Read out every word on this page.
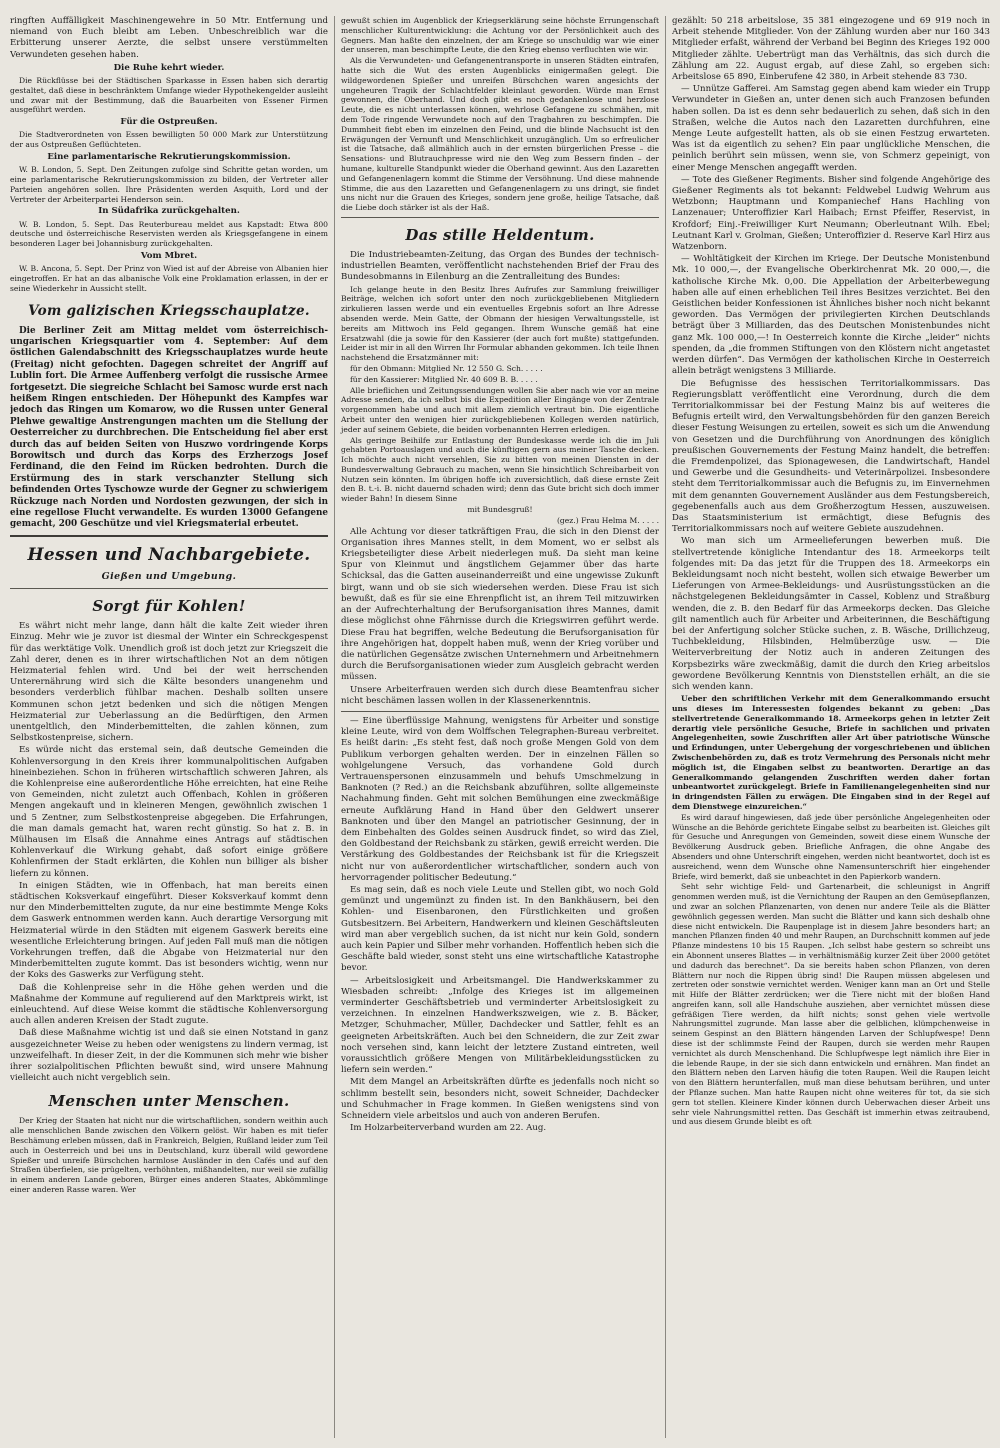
ringften Auffälligkeit Maschinengewehre in 50 Mtr. Entfernung und niemand von Euch bleibt am Leben. Unbeschreiblich war die Erbitterung unserer Aerzte, die selbst unsere verstümmelten Verwundeten gesehen haben.

Die Ruhe kehrt wieder.

Die Rückflüsse bei der Städtischen Sparkasse in Essen haben sich derartig gestaltet, daß diese in beschränktem Umfange wieder Hypothekengelder ausleiht und zwar mit der Bestimmung, daß die Bauarbeiten von Essener Firmen ausgeführt werden.

Für die Ostpreußen.

Die Stadtverordneten von Essen bewilligten 50 000 Mark zur Unterstützung der aus Ostpreußen Geflüchteten.

Eine parlamentarische Rekrutierungskommission.

W. B. London, 5. Sept. Den Zeitungen zufolge sind Schritte getan worden, um eine parlamentarische Rekrutierungskommission zu bilden, der Vertreter aller Parteien angehören sollen. Ihre Präsidenten werden Asquith, Lord und der Vertreter der Arbeiterpartei Henderson sein.

In Südafrika zurückgehalten.

W. B. London, 5. Sept. Das Reuterbureau meldet aus Kapstadt: Etwa 800 deutsche und österreichische Reservisten werden als Kriegsgefangene in einem besonderen Lager bei Johannisburg zurückgehalten.

Vom Mbret.

W. B. Ancona, 5. Sept. Der Prinz von Wied ist auf der Abreise von Albanien hier eingetroffen. Er hat an das albanische Volk eine Proklamation erlassen, in der er seine Wiederkehr in Aussicht stellt.

Vom galizischen Kriegsschauplatze.

Die Berliner Zeit am Mittag meldet vom österreichisch-ungarischen Kriegsquartier vom 4. September: Auf dem östlichen Galendabschnitt des Kriegsschauplatzes wurde heute (Freitag) nicht gefochten. Dagegen schreitet der Angriff auf Lublin fort. Die Armee Auffenberg verfolgt die russische Armee fortgesetzt. Die siegreiche Schlacht bei Samosc wurde erst nach heißem Ringen entschieden. Der Höhepunkt des Kampfes war jedoch das Ringen um Komarow, wo die Russen unter General Plehwe gewaltige Anstrengungen machten um die Stellung der Oesterreicher zu durchbrechen. Die Entscheidung fiel aber erst durch das auf beiden Seiten von Huszwo vordringende Korps Borowitsch und durch das Korps des Erzherzogs Josef Ferdinand, die den Feind im Rücken bedrohten. Durch die Erstürmung des in stark verschanzter Stellung sich befindenden Ortes Tyschowze wurde der Gegner zu schwierigem Rückzuge nach Norden und Nordosten gezwungen, der sich in eine regellose Flucht verwandelte. Es wurden 13000 Gefangene gemacht, 200 Geschütze und viel Kriegsmaterial erbeutet.

Hessen und Nachbargebiete.
Gießen und Umgebung.
Sorgt für Kohlen!

Es währt nicht mehr lange, dann hält die kalte Zeit wieder ihren Einzug. Mehr wie je zuvor ist diesmal der Winter ein Schreckgespenst für das werktätige Volk. Unendlich groß ist doch jetzt zur Kriegszeit die Zahl derer, denen es in ihrer wirtschaftlichen Not an dem nötigen Heizmaterial fehlen wird. Und bei der weit herrschenden Unterernährung wird sich die Kälte besonders unangenehm und besonders verderblich fühlbar machen. Deshalb sollten unsere Kommunen schon jetzt bedenken und sich die nötigen Mengen Heizmaterial zur Ueberlassung an die Bedürftigen, den Armen unentgeltlich, den Minderbemittelten, die zahlen können, zum Selbstkostenpreise, sichern.

Es würde nicht das erstemal sein, daß deutsche Gemeinden die Kohlenversorgung in den Kreis ihrer kommunalpolitischen Aufgaben hineinbeziehen. Schon in früheren wirtschaftlich schweren Jahren, als die Kohlenpreise eine außerordentliche Höhe erreichten, hat eine Reihe von Gemeinden, nicht zuletzt auch Offenbach, Kohlen in größeren Mengen angekauft und in kleineren Mengen, gewöhnlich zwischen 1 und 5 Zentner, zum Selbstkostenpreise abgegeben. Die Erfahrungen, die man damals gemacht hat, waren recht günstig. So hat z. B. in Mülhausen im Elsaß die Annahme eines Antrags auf städtischen Kohlenverkauf die Wirkung gehabt, daß sofort einige größere Kohlenfirmen der Stadt erklärten, die Kohlen nun billiger als bisher liefern zu können.

In einigen Städten, wie in Offenbach, hat man bereits einen städtischen Koksverkauf eingeführt. Dieser Koksverkauf kommt denn nur den Minderbemittelten zugute, da nur eine bestimmte Menge Koks dem Gaswerk entnommen werden kann. Auch derartige Versorgung mit Heizmaterial würde in den Städten mit eigenem Gaswerk bereits eine wesentliche Erleichterung bringen. Auf jeden Fall muß man die nötigen Vorkehrungen treffen, daß die Abgabe von Heizmaterial nur den Minderbemittelten zugute kommt. Das ist besonders wichtig, wenn nur der Koks des Gaswerks zur Verfügung steht.

Daß die Kohlenpreise sehr in die Höhe gehen werden und die Maßnahme der Kommune auf regulierend auf den Marktpreis wirkt, ist einleuchtend. Auf diese Weise kommt die städtische Kohlenversorgung auch allen anderen Kreisen der Stadt zugute.

Daß diese Maßnahme wichtig ist und daß sie einen Notstand in ganz ausgezeichneter Weise zu heben oder wenigstens zu lindern vermag, ist unzweifelhaft. In dieser Zeit, in der die Kommunen sich mehr wie bisher ihrer sozialpolitischen Pflichten bewußt sind, wird unsere Mahnung vielleicht auch nicht vergeblich sein.

Menschen unter Menschen.

Der Krieg der Staaten hat nicht nur die wirtschaftlichen, sondern weithin auch alle menschlichen Bande zwischen den Völkern gelöst. Wir haben es mit tiefer Beschämung erleben müssen, daß in Frankreich, Belgien, Rußland leider zum Teil auch in Oesterreich und bei uns in Deutschland, kurz überall wild gewordene Spießer und unreife Bürschchen harmlose Ausländer in den Cafés und auf den Straßen überfielen, sie prügelten, verhöhnten, mißhandelten, nur weil sie zufällig in einem anderen Lande geboren, Bürger eines anderen Staates, Abkömmlinge einer anderen Rasse waren. Wer

gewußt schien im Augenblick der Kriegserklärung seine höchste Errungenschaft menschlicher Kulturentwicklung: die Achtung vor der Persönlichkeit auch des Gegners. Man haßte den einzelnen, der am Kriege so unschuldig war wie einer der unseren, man beschimpfte Leute, die den Krieg ebenso verfluchten wie wir.

Als die Verwundeten- und Gefangenentransporte in unseren Städten eintrafen, hatte sich die Wut des ersten Augenblicks einigermaßen gelegt. Die wildgewordenen Spießer und unreifen Bürschchen waren angesichts der ungeheuren Tragik der Schlachtfelder kleinlaut geworden. Würde man Ernst gewonnen, die Oberhand. Und doch gibt es noch gedankenlose und herzlose Leute, die es nicht unterlassen können, wehrlose Gefangene zu schmähen, mit dem Tode ringende Verwundete noch auf den Tragbahren zu beschimpfen. Die Dummheit fiebt eben im einzelnen den Feind, und die blinde Nachsucht ist den Erwägungen der Vernunft und Menschlichkeit unzugänglich. Um so erfreulicher ist die Tatsache, daß allmählich auch in der ernsten bürgerlichen Presse – die Sensations- und Blutrauchpresse wird nie den Weg zum Bessern finden – der humane, kulturelle Standpunkt wieder die Oberhand gewinnt. Aus den Lazaretten und Gefangenenlagern kommt die Stimme der Versöhnung. Und diese mahnende Stimme, die aus den Lazaretten und Gefangenenlagern zu uns dringt, sie findet uns nicht nur die Grauen des Krieges, sondern jene große, heilige Tatsache, daß die Liebe doch stärker ist als der Haß.

Das stille Heldentum.

Die Industriebeamten-Zeitung, das Organ des Bundes der technisch-industriellen Beamten, veröffentlicht nachstehenden Brief der Frau des Bundesobmanns in Eilenburg an die Zentralleitung des Bundes:

Ich gelange heute in den Besitz Ihres Aufrufes zur Sammlung freiwilliger Beiträge, welchen ich sofort unter den noch zurückgebliebenen Mitgliedern zirkulieren lassen werde und ein eventuelles Ergebnis sofort an Ihre Adresse absenden werde. Mein Gatte, der Obmann der hiesigen Verwaltungsstelle, ist bereits am Mittwoch ins Feld gegangen. Ihrem Wunsche gemäß hat eine Ersatzwahl (die ja sowie für den Kassierer (der auch fort mußte) stattgefunden. Leider ist mir in all den Wirren Ihr Formular abhanden gekommen. Ich teile Ihnen nachstehend die Ersatzmänner mit:

für den Obmann: Mitglied Nr. 12 550 G. Sch. . . . .

für den Kassierer: Mitglied Nr. 40 609 B. B. . . . .

Alle brieflichen und Zeitungssendungen wollen Sie aber nach wie vor an meine Adresse senden, da ich selbst bis die Expedition aller Eingänge von der Zentrale vorgenommen habe und auch mit allem ziemlich vertraut bin. Die eigentliche Arbeit unter den wenigen hier zurückgebliebenen Kollegen werden natürlich, jeder auf seinem Gebiete, die beiden vorbenannten Herren erledigen.

Als geringe Beihilfe zur Entlastung der Bundeskasse werde ich die im Juli gehabten Portoauslagen und auch die künftigen gern aus meiner Tasche decken. Ich möchte auch nicht versehlen, Sie zu bitten von meinen Diensten in der Bundesverwaltung Gebrauch zu machen, wenn Sie hinsichtlich Schreibarbeit von Nutzen sein könnten. Im übrigen hoffe ich zuversichtlich, daß diese ernste Zeit den B. t.-i. B. nicht dauernd schaden wird; denn das Gute bricht sich doch immer wieder Bahn! In diesem Sinne

mit Bundesgruß!

(gez.) Frau Helma M. . . . .

Alle Achtung vor dieser tatkräftigen Frau, die sich in den Dienst der Organisation ihres Mannes stellt, in dem Moment, wo er selbst als Kriegsbeteiligter diese Arbeit niederlegen muß. Da sieht man keine Spur von Kleinmut und ängstlichem Gejammer über das harte Schicksal, das die Gatten auseinanderreißt und eine ungewisse Zukunft birgt, wann und ob sie sich wiedersehen werden. Diese Frau ist sich bewußt, daß es für sie eine Ehrenpflicht ist, an ihrem Teil mitzuwirken an der Aufrechterhaltung der Berufsorganisation ihres Mannes, damit diese möglichst ohne Fährnisse durch die Kriegswirren geführt werde. Diese Frau hat begriffen, welche Bedeutung die Berufsorganisation für ihre Angehörigen hat, doppelt haben muß, wenn der Krieg vorüber und die natürlichen Gegensätze zwischen Unternehmern und Arbeitnehmern durch die Berufsorganisationen wieder zum Ausgleich gebracht werden müssen.

Unsere Arbeiterfrauen werden sich durch diese Beamtenfrau sicher nicht beschämen lassen wollen in der Klassenerkenntnis.

— Eine überflüssige Mahnung, wenigstens für Arbeiter und sonstige kleine Leute, wird von dem Wolffschen Telegraphen-Bureau verbreitet. Es heißt darin: „Es steht fest, daß noch große Mengen Gold von dem Publikum verborgen gehalten werden. Der in einzelnen Fällen so wohlgelungene Versuch, das vorhandene Gold durch Vertrauenspersonen einzusammeln und behufs Umschmelzung in Banknoten (? Red.) an die Reichsbank abzuführen, sollte allgemeinste Nachahmung finden. Geht mit solchen Bemühungen eine zweckmäßige erneute Aufklärung Hand in Hand über den Geldwert unserer Banknoten und über den Mangel an patriotischer Gesinnung, der in dem Einbehalten des Goldes seinen Ausdruck findet, so wird das Ziel, den Goldbestand der Reichsbank zu stärken, gewiß erreicht werden. Die Verstärkung des Goldbestandes der Reichsbank ist für die Kriegszeit nicht nur von außerordentlicher wirtschaftlicher, sondern auch von hervorragender politischer Bedeutung.“

Es mag sein, daß es noch viele Leute und Stellen gibt, wo noch Gold gemünzt und ungemünzt zu finden ist. In den Bankhäusern, bei den Kohlen- und Eisenbaronen, den Fürstlichkeiten und großen Gutsbesitzern. Bei Arbeitern, Handwerkern und kleinen Geschäftsleuten wird man aber vergeblich suchen, da ist nicht nur kein Gold, sondern auch kein Papier und Silber mehr vorhanden. Hoffentlich heben sich die Geschäfte bald wieder, sonst steht uns eine wirtschaftliche Katastrophe bevor.

— Arbeitslosigkeit und Arbeitsmangel. Die Handwerkskammer zu Wiesbaden schreibt: „Infolge des Krieges ist im allgemeinen verminderter Geschäftsbetrieb und verminderter Arbeitslosigkeit zu verzeichnen. In einzelnen Handwerkszweigen, wie z. B. Bäcker, Metzger, Schuhmacher, Müller, Dachdecker und Sattler, fehlt es an geeigneten Arbeitskräften. Auch bei den Schneidern, die zur Zeit zwar noch versehen sind, kann leicht der letztere Zustand eintreten, weil voraussichtlich größere Mengen von Militärbekleidungsstücken zu liefern sein werden.“

Mit dem Mangel an Arbeitskräften dürfte es jedenfalls noch nicht so schlimm bestellt sein, besonders nicht, soweit Schneider, Dachdecker und Schuhmacher in Frage kommen. In Gießen wenigstens sind von Schneidern viele arbeitslos und auch von anderen Berufen.

Im Holzarbeiterverband wurden am 22. Aug.

gezählt: 50 218 arbeitslose, 35 381 eingezogene und 69 919 noch in Arbeit stehende Mitglieder. Von der Zählung wurden aber nur 160 343 Mitglieder erfaßt, während der Verband bei Beginn des Krieges 192 000 Mitglieder zählte. Uebertrügt man das Verhältnis, das sich durch die Zählung am 22. August ergab, auf diese Zahl, so ergeben sich: Arbeitslose 65 890, Einberufene 42 380, in Arbeit stehende 83 730.

— Unnütze Gafferei. Am Samstag gegen abend kam wieder ein Trupp Verwundeter in Gießen an, unter denen sich auch Franzosen befunden haben sollen. Da ist es denn sehr bedauerlich zu sehen, daß sich in den Straßen, welche die Autos nach den Lazaretten durchfuhren, eine Menge Leute aufgestellt hatten, als ob sie einen Festzug erwarteten. Was ist da eigentlich zu sehen? Ein paar unglückliche Menschen, die peinlich berührt sein müssen, wenn sie, von Schmerz gepeinigt, von einer Menge Menschen angegafft werden.

— Tote des Gießener Regiments. Bisher sind folgende Angehörige des Gießener Regiments als tot bekannt: Feldwebel Ludwig Wehrum aus Wetzbonn; Hauptmann und Kompaniechef Hans Hachling von Lanzenauer; Unteroffizier Karl Haibach; Ernst Pfeiffer, Reservist, in Krofdorf; Einj.-Freiwilliger Kurt Neumann; Oberleutnant Wilh. Ebel; Leutnant Karl v. Grolman, Gießen; Unteroffizier d. Reserve Karl Hirz aus Watzenborn.

— Wohltätigkeit der Kirchen im Kriege. Der Deutsche Monistenbund Mk. 10 000,—, der Evangelische Oberkirchenrat Mk. 20 000,—, die katholische Kirche Mk. 0,00. Die Appellation der Arbeiterbewegung haben alle auf einen erheblichen Teil ihres Besitzes verzichtet. Bei den Geistlichen beider Konfessionen ist Ähnliches bisher noch nicht bekannt geworden. Das Vermögen der privilegierten Kirchen Deutschlands beträgt über 3 Milliarden, das des Deutschen Monistenbundes nicht ganz Mk. 100 000,—! In Oesterreich konnte die Kirche „leider“ nichts spenden, da „die frommen Stiftungen von den Klöstern nicht angetastet werden dürfen“. Das Vermögen der katholischen Kirche in Oesterreich allein beträgt wenigstens 3 Milliarde.

Die Befugnisse des hessischen Territorialkommissars. Das Regierungsblatt veröffentlicht eine Verordnung, durch die dem Territorialkommissar bei der Festung Mainz bis auf weiteres die Befugnis erteilt wird, den Verwaltungsbehörden für den ganzen Bereich dieser Festung Weisungen zu erteilen, soweit es sich um die Anwendung von Gesetzen und die Durchführung von Anordnungen des königlich preußischen Gouvernements der Festung Mainz handelt, die betreffen: die Fremdenpolizei, das Spionagewesen, die Landwirtschaft, Handel und Gewerbe und die Gesundheits- und Veterinärpolizei. Insbesondere steht dem Territorialkommissar auch die Befugnis zu, im Einvernehmen mit dem genannten Gouvernement Ausländer aus dem Festungsbereich, gegebenenfalls auch aus dem Großherzogtum Hessen, auszuweisen. Das Staatsministerium ist ermächtigt, diese Befugnis des Territorialkommissars noch auf weitere Gebiete auszudehnen.

Wo man sich um Armeelieferungen bewerben muß. Die stellvertretende königliche Intendantur des 18. Armeekorps teilt folgendes mit: Da das jetzt für die Truppen des 18. Armeekorps ein Bekleidungsamt noch nicht besteht, wollen sich etwaige Bewerber um Lieferungen von Armee-Bekleidungs- und Ausrüstungsstücken an die nächstgelegenen Bekleidungsämter in Cassel, Koblenz und Straßburg wenden, die z. B. den Bedarf für das Armeekorps decken. Das Gleiche gilt namentlich auch für Arbeiter und Arbeiterinnen, die Beschäftigung bei der Anfertigung solcher Stücke suchen, z. B. Wäsche, Drillichzeug, Tuchbekleidung, Hilsbinden, Helmüberzüge usw. — Die Weiterverbreitung der Notiz auch in anderen Zeitungen des Korpsbezirks wäre zweckmäßig, damit die durch den Krieg arbeitslos gewordene Bevölkerung Kenntnis von Dienststellen erhält, an die sie sich wenden kann.

Ueber den schriftlichen Verkehr mit dem Generalkommando ersucht uns dieses im Interessesten folgendes bekannt zu geben: „Das stellvertretende Generalkommando 18. Armeekorps gehen in letzter Zeit derartig viele persönliche Gesuche, Briefe in sachlichen und privaten Angelegenheiten, sowie Zuschriften aller Art über patriotische Wünsche und Erfindungen, unter Uebergehung der vorgeschriebenen und üblichen Zwischenbehörden zu, daß es trotz Vermehrung des Personals nicht mehr möglich ist, die Eingaben selbst zu beantworten. Derartige an das Generalkommando gelangenden Zuschriften werden daher fortan unbeantwortet zurückgelegt. Briefe in Familienangelegenheiten sind nur in dringendsten Fällen zu erwägen. Die Eingaben sind in der Regel auf dem Dienstwege einzureichen.“

Es wird darauf hingewiesen, daß jede über persönliche Angelegenheiten oder Wünsche an die Behörde gerichtete Eingabe selbst zu bearbeiten ist. Gleiches gilt für Gesuche und Anregungen von Gemeinden, soweit diese einem Wunsche der Bevölkerung Ausdruck geben. Briefliche Anfragen, die ohne Angabe des Absenders und ohne Unterschrift eingehen, werden nicht beantwortet, doch ist es ausreichend, wenn dem Wunsche ohne Namensunterschrift hier eingehender Briefe, wird bemerkt, daß sie unbeachtet in den Papierkorb wandern.

Seht sehr wichtige Feld- und Gartenarbeit, die schleunigst in Angriff genommen werden muß, ist die Vernichtung der Raupen an den Gemüsepflanzen, und zwar an solchen Pflanzenarten, von denen nur andere Teile als die Blätter gewöhnlich gegessen werden. Man sucht die Blätter und kann sich deshalb ohne diese nicht entwickeln. Die Raupenplage ist in diesem Jahre besonders hart; an manchen Pflanzen finden 40 und mehr Raupen, an Durchschnitt kommen auf jede Pflanze mindestens 10 bis 15 Raupen. „Ich selbst habe gestern so schreibt uns ein Abonnent unseres Blattes — in verhältnismäßig kurzer Zeit über 2000 getötet und dadurch das berechnet“. Da sie bereits haben schon Pflanzen, von deren Blättern nur noch die Rippen übrig sind! Die Raupen müssen abgelesen und zertreten oder sonstwie vernichtet werden. Weniger kann man an Ort und Stelle mit Hilfe der Blätter zerdrücken; wer die Tiere nicht mit der bloßen Hand angreifen kann, soll alle Handschuhe ausziehen, aber vernichtet müssen diese gefräßigen Tiere werden, da hilft nichts; sonst gehen viele wertvolle Nahrungsmittel zugrunde. Man lasse aber die gelblichen, klümpchenweise in seinem Gespinst an den Blättern hängenden Larven der Schlupfwespe! Denn diese ist der schlimmste Feind der Raupen, durch sie werden mehr Raupen vernichtet als durch Menschenhand. Die Schlupfwespe legt nämlich ihre Eier in die lebende Raupe, in der sie sich dann entwickeln und ernähren. Man findet an den Blättern neben den Larven häufig die toten Raupen. Weil die Raupen leicht von den Blättern herunterfallen, muß man diese behutsam berühren, und unter der Pflanze suchen. Man hatte Raupen nicht ohne weiteres für tot, da sie sich gern tot stellen. Kleinere Kinder können durch Ueberwachen dieser Arbeit uns sehr viele Nahrungsmittel retten. Das Geschäft ist immerhin etwas zeitraubend, und aus diesem Grunde bleibt es oft
